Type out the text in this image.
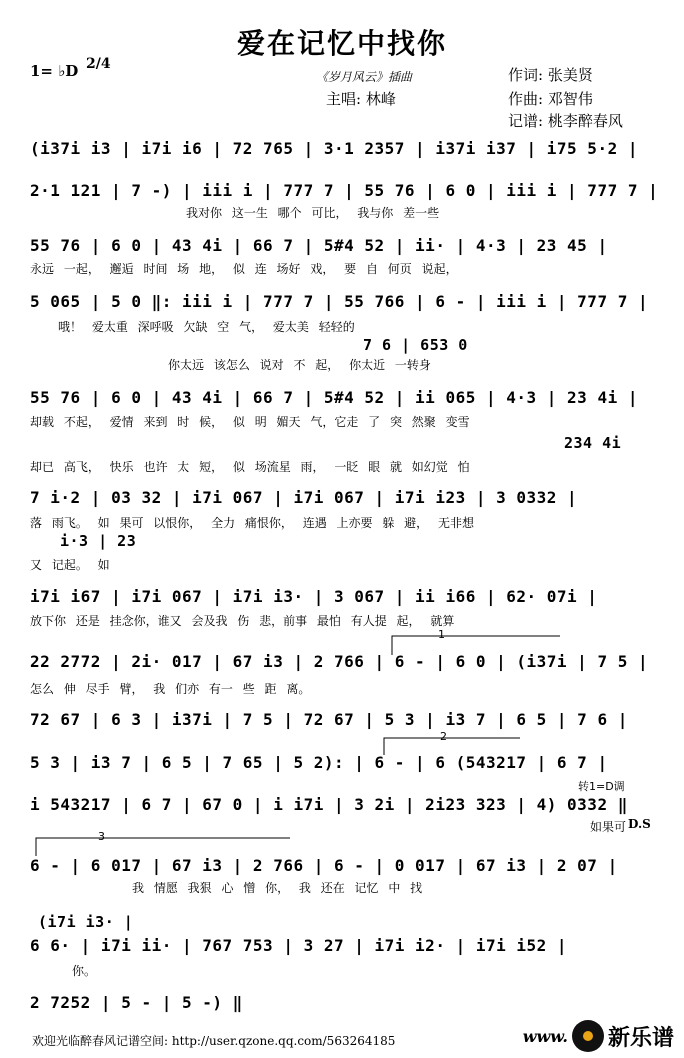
爱在记忆中找你
1= ♭D 2/4
《岁月风云》插曲
主唱: 林峰
作词: 张美贤
作曲: 邓智伟
记谱: 桃李醉春风
(i37i i3 | i7i i6 | 72 765 | 3·1 2357 | i37i i37 | i75 5·2 |
2·1 121 | 7 -) | iii i | 777 7 | 55 76 | 6 0 | iii i | 777 7 |
55 76 | 6 0 | 43 4i | 66 7 | 5#4 52 | ii· | 4·3 | 23 45 |
5 065 | 5 0 ‖: iii i | 777 7 | 55 766 | 6 - | iii i | 777 7 |
55 76 | 6 0 | 43 4i | 66 7 | 5#4 52 | ii 065 | 4·3 | 23 4i |
7 i·2 | 03 32 | i7i 067 | i7i 067 | i7i i23 | 3 0332 |
i7i i67 | i7i 067 | i7i i3· | 3 067 | ii i66 | 62· 07i |
22 2772 | 2i· 017 | 67 i3 | 2 766 | 6 - | 6 0 | (i37i | 7 5 |
72 67 | 6 3 | i37i | 7 5 | 72 67 | 5 3 | i3 7 | 6 5 | 7 6 |
5 3 | i3 7 | 6 5 | 7 65 | 5 2): | 6 - | 6 (543217 | 6 7 |
i 543217 | 6 7 | 67 0 | i i7i | 3 2i | 2i23 323 | 4) 0332 ‖
6 - | 6 017 | 67 i3 | 2 766 | 6 - | 0 017 | 67 i3 | 2 07 |
6 6· | i7i ii· | 767 753 | 3 27 | i7i i2· | i7i i52 |
2 7252 | 5 - | 5 -) ‖
7 6 | 653 0
234 4i
i·3 | 23
(i7i i3· |
我对你 这一生 哪个 可比， 我与你 差一些
永远 一起， 邂逅 时间 场 地， 似 连 场好 戏， 要 自 何页 说起，
哦！ 爱太重 深呼吸 欠缺 空 气， 爱太美 轻轻的
你太远 该怎么 说对 不 起， 你太近 一转身
却载 不起， 爱情 来到 时 候， 似 明 媚天 气，它走 了 突 然聚 变雪
却已 高飞， 快乐 也许 太 短， 似 场流星 雨， 一眨 眼 就 如幻觉 怕
落 雨飞。 如 果可 以恨你， 全力 痛恨你， 连遇 上亦要 躲 避， 无非想
又 记起。 如
放下你 还是 挂念你，谁又 会及我 伤 悲，前事 最怕 有人提 起， 就算
怎么 伸 尽手 臂， 我 们亦 有一 些 距 离。
我 情愿 我狠 心 憎 你， 我 还在 记忆 中 找
你。
1
2
3
转1=D调
如果可 D.S
欢迎光临醉春风记谱空间: http://user.qzone.qq.com/563264185	www. 新乐谱
